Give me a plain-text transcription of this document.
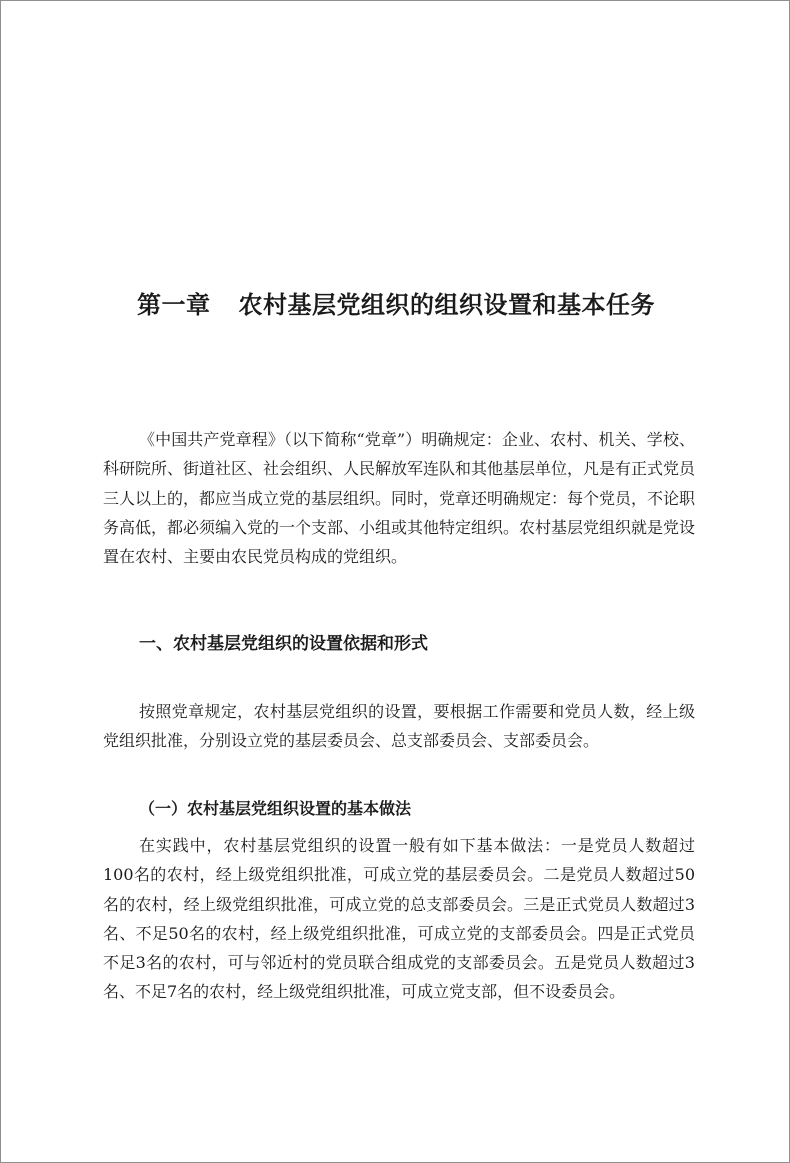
第一章 农村基层党组织的组织设置和基本任务

《中国共产党章程》（以下简称“党章”）明确规定：企业、农村、机关、学校、科研院所、街道社区、社会组织、人民解放军连队和其他基层单位，凡是有正式党员三人以上的，都应当成立党的基层组织。同时，党章还明确规定：每个党员，不论职务高低，都必须编入党的一个支部、小组或其他特定组织。农村基层党组织就是党设置在农村、主要由农民党员构成的党组织。

一、农村基层党组织的设置依据和形式

按照党章规定，农村基层党组织的设置，要根据工作需要和党员人数，经上级党组织批准，分别设立党的基层委员会、总支部委员会、支部委员会。

（一）农村基层党组织设置的基本做法

在实践中，农村基层党组织的设置一般有如下基本做法：一是党员人数超过100名的农村，经上级党组织批准，可成立党的基层委员会。二是党员人数超过50名的农村，经上级党组织批准，可成立党的总支部委员会。三是正式党员人数超过3名、不足50名的农村，经上级党组织批准，可成立党的支部委员会。四是正式党员不足3名的农村，可与邻近村的党员联合组成党的支部委员会。五是党员人数超过3名、不足7名的农村，经上级党组织批准，可成立党支部，但不设委员会。
